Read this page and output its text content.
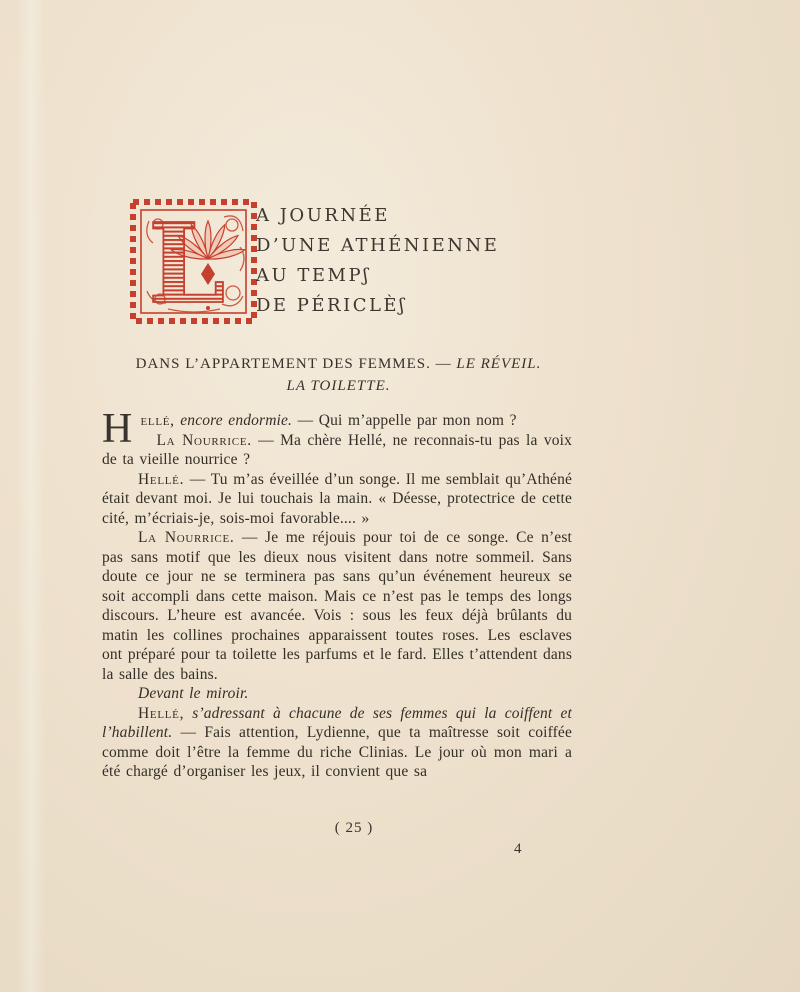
L A JOURNÉE
D’UNE ATHÉNIENNE
AU TEMPʃ
DE PÉRICLÈʃ
DANS L’APPARTEMENT DES FEMMES. — LE RÉVEIL.
LA TOILETTE.
H ellé, encore endormie. — Qui m’appelle par mon nom ?

La Nourrice. — Ma chère Hellé, ne reconnais-tu pas la voix de ta vieille nourrice ?

Hellé. — Tu m’as éveillée d’un songe. Il me semblait qu’Athéné était devant moi. Je lui touchais la main. « Déesse, protectrice de cette cité, m’écriais-je, sois-moi favorable.... »

La Nourrice. — Je me réjouis pour toi de ce songe. Ce n’est pas sans motif que les dieux nous visitent dans notre sommeil. Sans doute ce jour ne se terminera pas sans qu’un événement heureux se soit accompli dans cette maison. Mais ce n’est pas le temps des longs discours. L’heure est avancée. Vois : sous les feux déjà brûlants du matin les collines prochaines apparaissent toutes roses. Les esclaves ont préparé pour ta toilette les parfums et le fard. Elles t’attendent dans la salle des bains.

Devant le miroir.

Hellé, s’adressant à chacune de ses femmes qui la coiffent et l’habillent. — Fais attention, Lydienne, que ta maîtresse soit coiffée comme doit l’être la femme du riche Clinias. Le jour où mon mari a été chargé d’organiser les jeux, il convient que sa

( 25 )
4
